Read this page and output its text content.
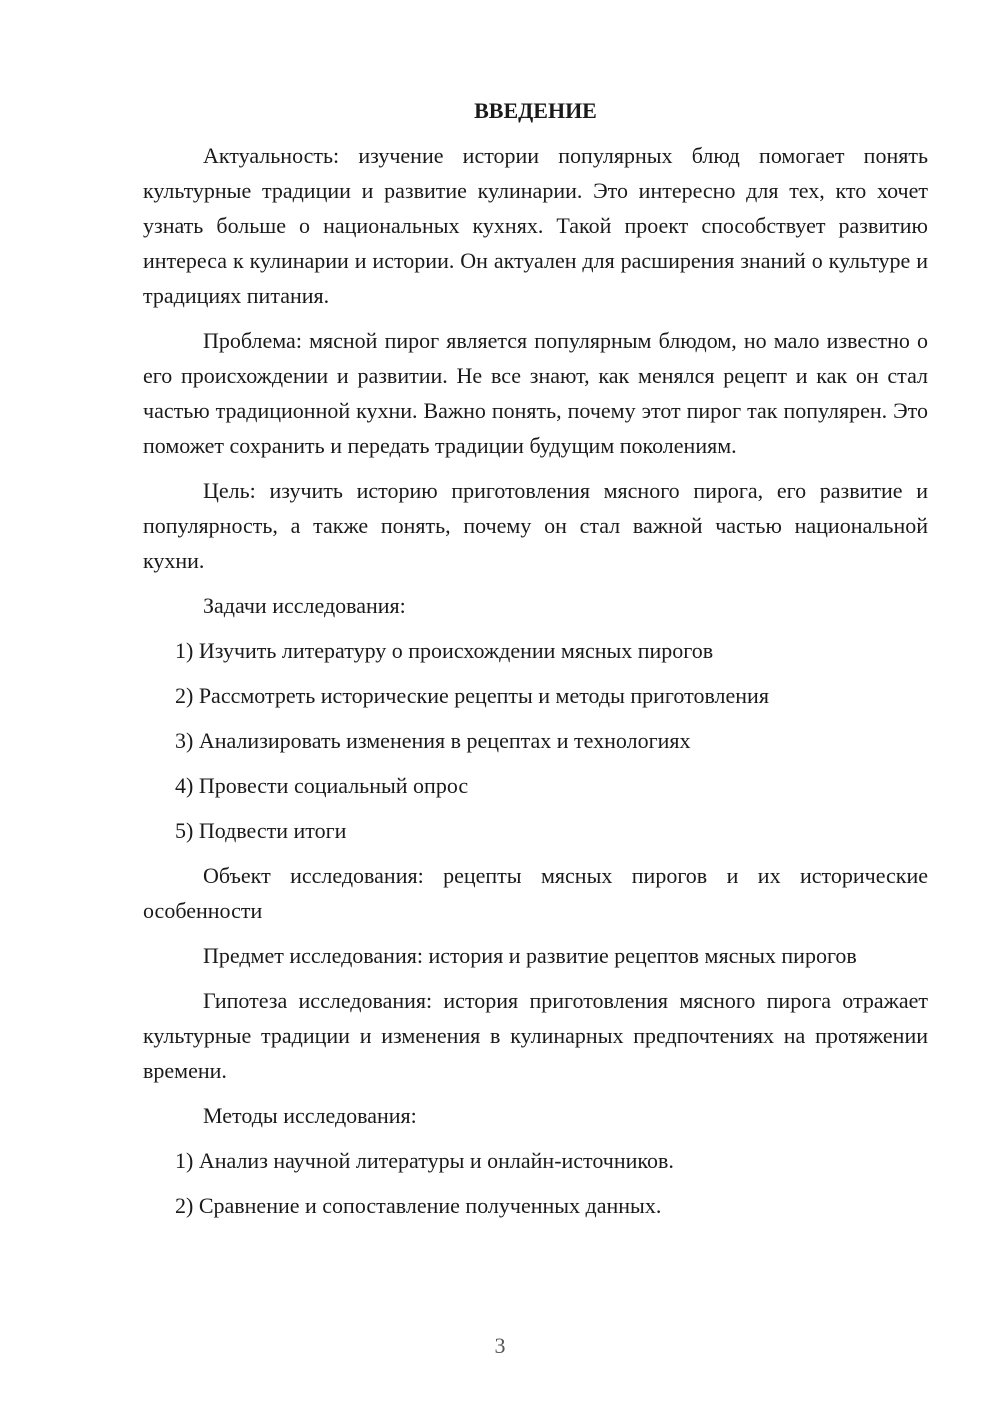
ВВЕДЕНИЕ

Актуальность: изучение истории популярных блюд помогает понять культурные традиции и развитие кулинарии. Это интересно для тех, кто хочет узнать больше о национальных кухнях. Такой проект способствует развитию интереса к кулинарии и истории. Он актуален для расширения знаний о культуре и традициях питания.

Проблема: мясной пирог является популярным блюдом, но мало известно о его происхождении и развитии. Не все знают, как менялся рецепт и как он стал частью традиционной кухни. Важно понять, почему этот пирог так популярен. Это поможет сохранить и передать традиции будущим поколениям.

Цель: изучить историю приготовления мясного пирога, его развитие и популярность, а также понять, почему он стал важной частью национальной кухни.

Задачи исследования:

1) Изучить литературу о происхождении мясных пирогов

2) Рассмотреть исторические рецепты и методы приготовления

3) Анализировать изменения в рецептах и технологиях

4) Провести социальный опрос

5) Подвести итоги

Объект исследования: рецепты мясных пирогов и их исторические особенности

Предмет исследования: история и развитие рецептов мясных пирогов

Гипотеза исследования: история приготовления мясного пирога отражает культурные традиции и изменения в кулинарных предпочтениях на протяжении времени.

Методы исследования:

1) Анализ научной литературы и онлайн-источников.

2) Сравнение и сопоставление полученных данных.

3
